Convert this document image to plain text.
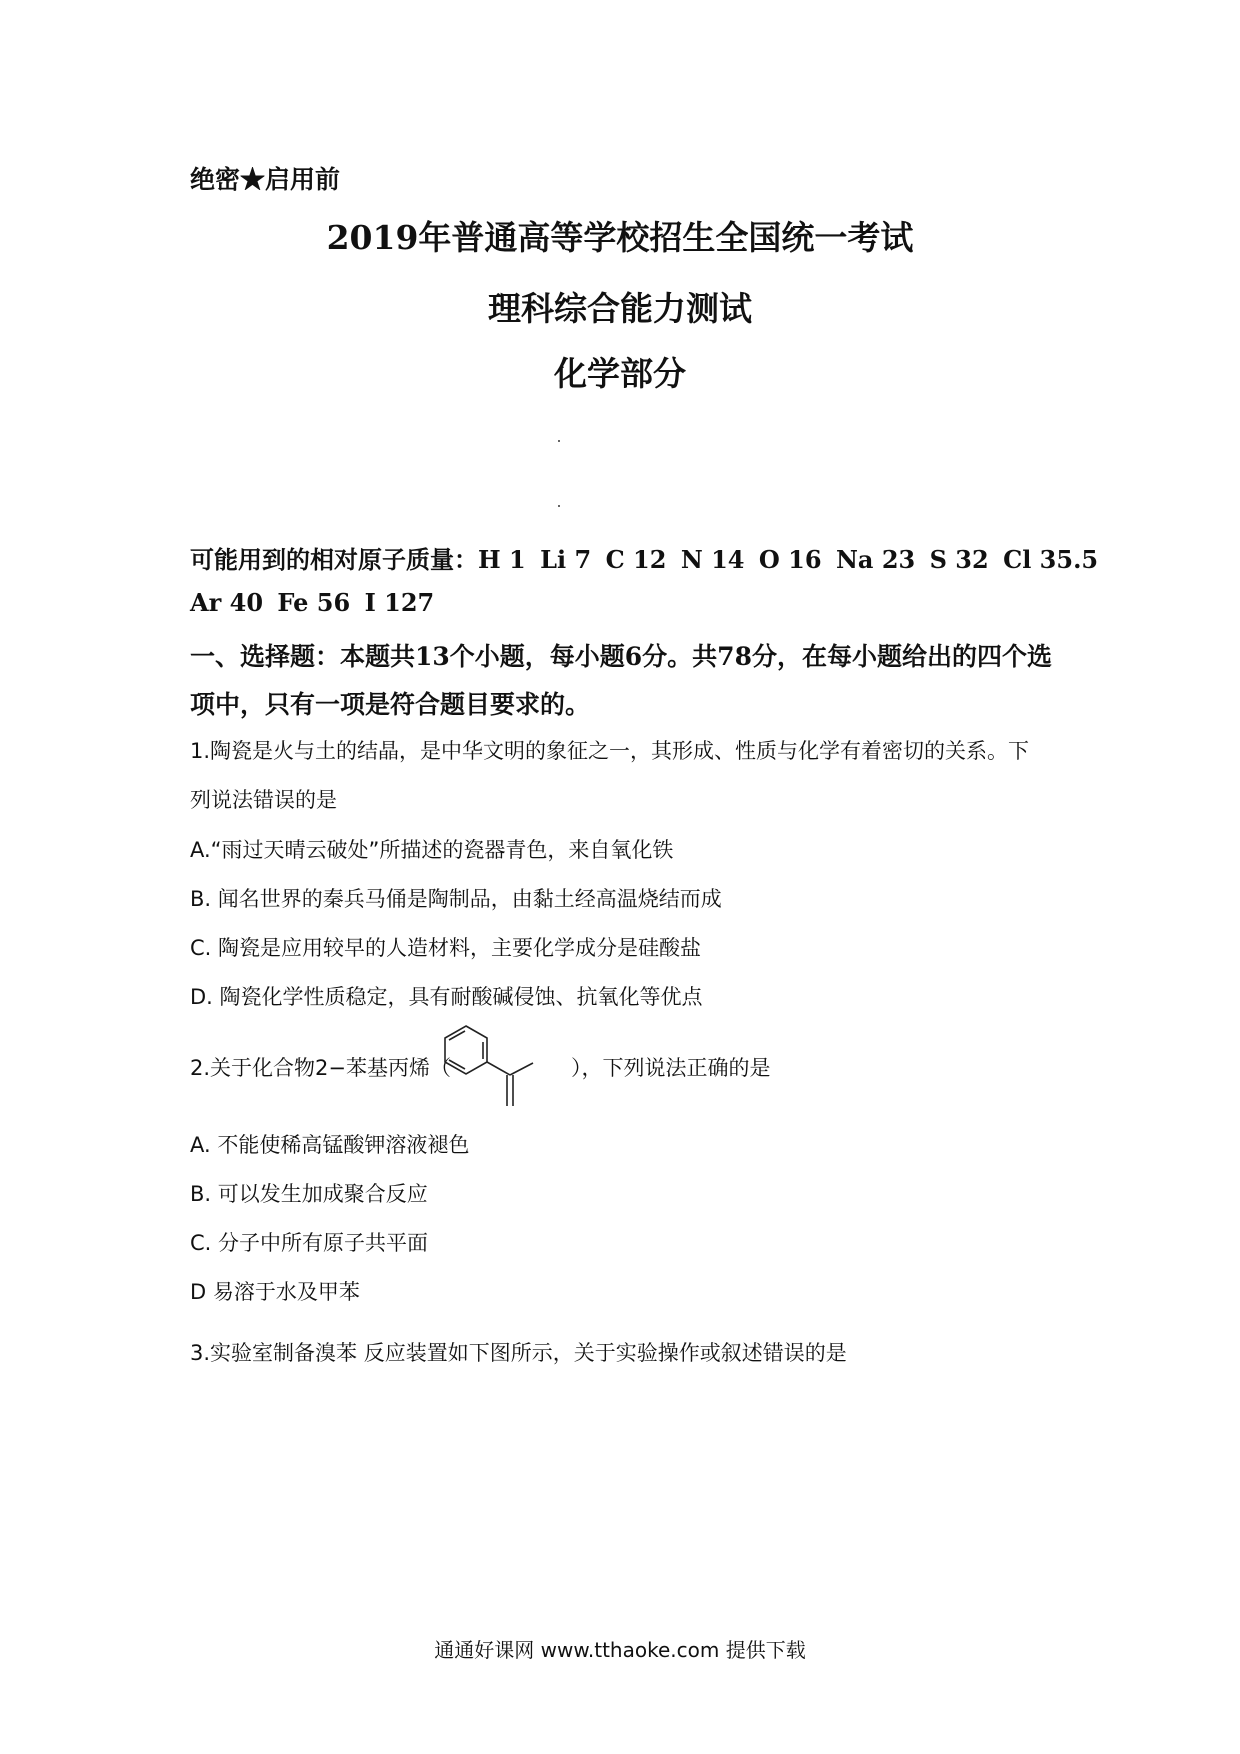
绝密★启用前
2019年普通高等学校招生全国统一考试
理科综合能力测试
化学部分
可能用到的相对原子质量：H 1 Li 7 C 12 N 14 O 16 Na 23 S 32 Cl 35.5
Ar 40 Fe 56 I 127
一、选择题：本题共13个小题，每小题6分。共78分，在每小题给出的四个选
项中，只有一项是符合题目要求的。
1.陶瓷是火与土的结晶，是中华文明的象征之一，其形成、性质与化学有着密切的关系。下
列说法错误的是
A.“雨过天晴云破处”所描述的瓷器青色，来自氧化铁
B. 闻名世界的秦兵马俑是陶制品，由黏土经高温烧结而成
C. 陶瓷是应用较早的人造材料，主要化学成分是硅酸盐
D. 陶瓷化学性质稳定，具有耐酸碱侵蚀、抗氧化等优点
2.关于化合物2−苯基丙烯（	），下列说法正确的是
A. 不能使稀高锰酸钾溶液褪色
B. 可以发生加成聚合反应
C. 分子中所有原子共平面
D 易溶于水及甲苯
3.实验室制备溴苯 反应装置如下图所示，关于实验操作或叙述错误的是
通通好课网 www.tthaoke.com 提供下载
